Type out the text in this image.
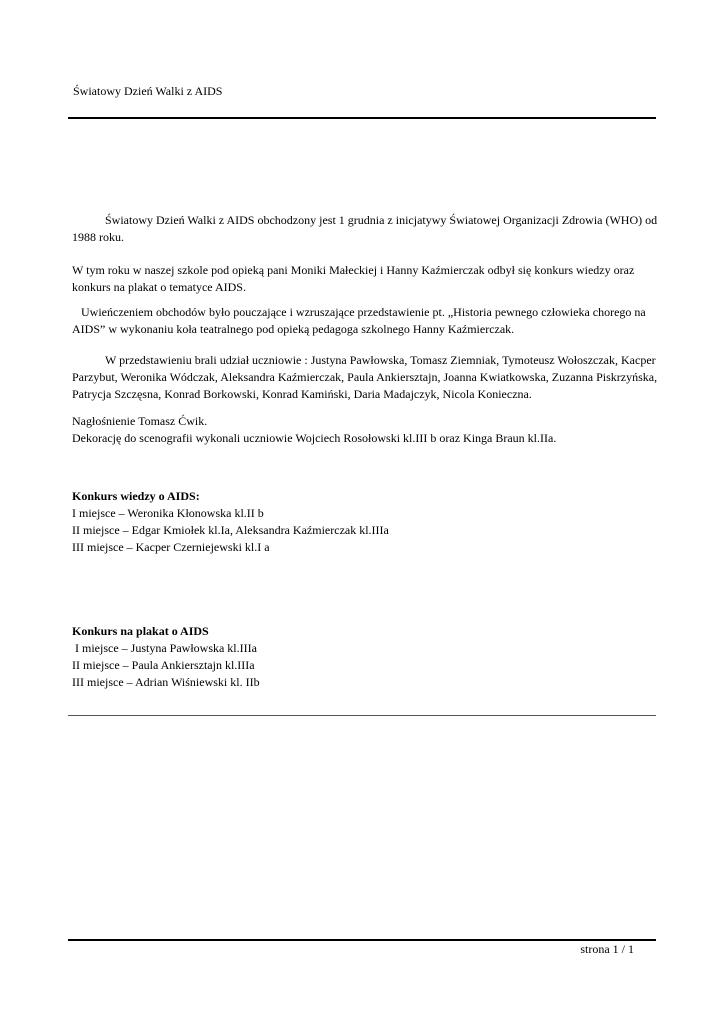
Światowy Dzień Walki z AIDS

Światowy Dzień Walki z AIDS obchodzony jest 1 grudnia z inicjatywy Światowej Organizacji Zdrowia (WHO) od 1988 roku.

W tym roku w naszej szkole pod opieką pani Moniki Małeckiej i Hanny Kaźmierczak odbył się konkurs wiedzy oraz konkurs na plakat o tematyce AIDS.

Uwieńczeniem obchodów było pouczające i wzruszające przedstawienie pt. „Historia pewnego człowieka chorego na AIDS” w wykonaniu koła teatralnego pod opieką pedagoga szkolnego Hanny Kaźmierczak.

W przedstawieniu brali udział uczniowie : Justyna Pawłowska, Tomasz Ziemniak, Tymoteusz Wołoszczak, Kacper Parzybut, Weronika Wódczak, Aleksandra Kaźmierczak, Paula Ankiersztajn, Joanna Kwiatkowska, Zuzanna Piskrzyńska, Patrycja Szczęsna, Konrad Borkowski, Konrad Kamiński, Daria Madajczyk, Nicola Konieczna.

Nagłośnienie Tomasz Ćwik.
Dekorację do scenografii wykonali uczniowie Wojciech Rosołowski kl.III b oraz Kinga Braun kl.IIa.
Konkurs wiedzy o AIDS:
I miejsce – Weronika Kłonowska kl.II b
II miejsce – Edgar Kmiołek kl.Ia, Aleksandra Kaźmierczak kl.IIIa
III miejsce – Kacper Czerniejewski kl.I a
Konkurs na plakat o AIDS
I miejsce – Justyna Pawłowska kl.IIIa
II miejsce – Paula Ankiersztajn kl.IIIa
III miejsce – Adrian Wiśniewski kl. IIb
strona 1 / 1
